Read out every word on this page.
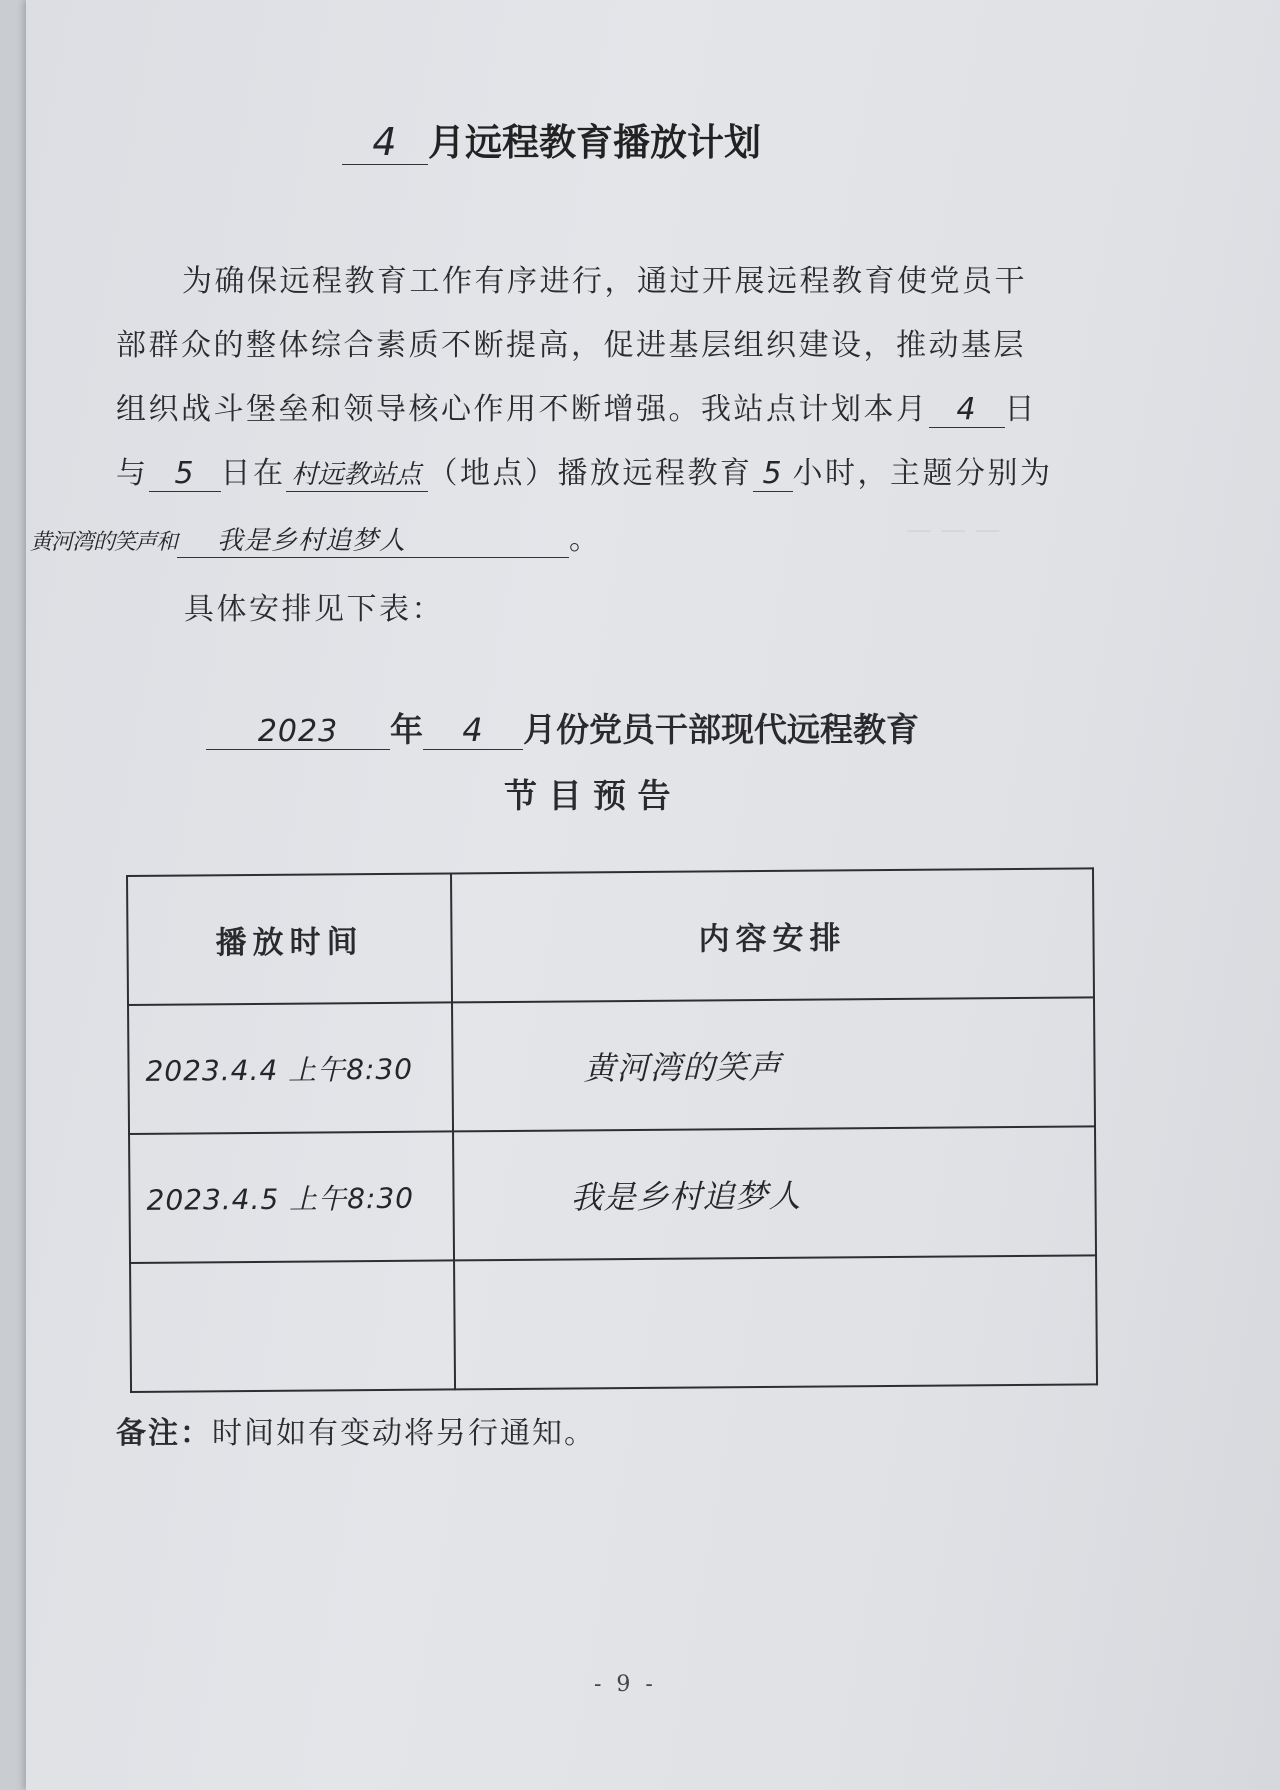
— — —
4 月远程教育播放计划
为确保远程教育工作有序进行，通过开展远程教育使党员干
部群众的整体综合素质不断提高，促进基层组织建设，推动基层
组织战斗堡垒和领导核心作用不断增强。我站点计划本月 4 日
与 5 日在 村远教站点 （地点）播放远程教育 5 小时，主题分别为
黄河湾的笑声和 我是乡村追梦人	。
具体安排见下表：
2023 年 4 月份党员干部现代远程教育
节 目 预 告
播放时间	内容安排
2023.4.4 上午8:30	黄河湾的笑声
2023.4.5 上午8:30	我是乡村追梦人

备注：时间如有变动将另行通知。
- 9 -
